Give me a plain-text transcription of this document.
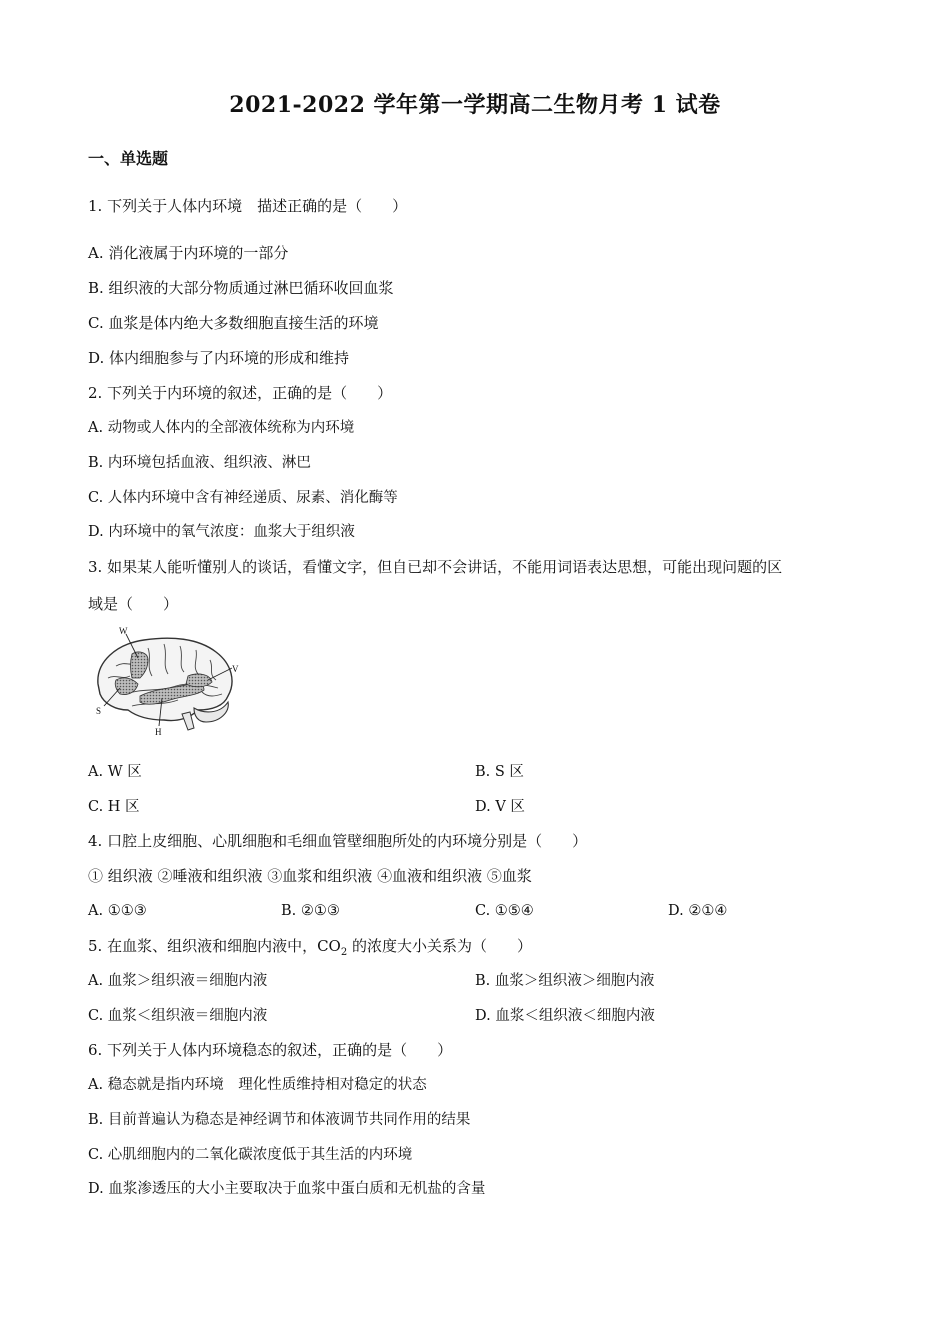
2021-2022 学年第一学期高二生物月考 1 试卷
一、单选题
1. 下列关于人体内环境　描述正确的是（　　）
A. 消化液属于内环境的一部分
B. 组织液的大部分物质通过淋巴循环收回血浆
C. 血浆是体内绝大多数细胞直接生活的环境
D. 体内细胞参与了内环境的形成和维持
2. 下列关于内环境的叙述，正确的是（　　）
A. 动物或人体内的全部液体统称为内环境
B. 内环境包括血液、组织液、淋巴
C. 人体内环境中含有神经递质、尿素、消化酶等
D. 内环境中的氧气浓度：血浆大于组织液
3. 如果某人能听懂别人的谈话，看懂文字，但自已却不会讲话，不能用词语表达思想，可能出现问题的区
域是（　　）
W
V
S
H
A. W 区	B. S 区
C. H 区	D. V 区
4. 口腔上皮细胞、心肌细胞和毛细血管壁细胞所处的内环境分别是（　　）
① 组织液 ②唾液和组织液 ③血浆和组织液 ④血液和组织液 ⑤血浆
A. ①①③	B. ②①③	C. ①⑤④	D. ②①④
5. 在血浆、组织液和细胞内液中，$CO_2$ 的浓度大小关系为（　　）
A. 血浆＞组织液＝细胞内液	B. 血浆＞组织液＞细胞内液
C. 血浆＜组织液＝细胞内液	D. 血浆＜组织液＜细胞内液
6. 下列关于人体内环境稳态的叙述，正确的是（　　）
A. 稳态就是指内环境　理化性质维持相对稳定的状态
B. 目前普遍认为稳态是神经调节和体液调节共同作用的结果
C. 心肌细胞内的二氧化碳浓度低于其生活的内环境
D. 血浆渗透压的大小主要取决于血浆中蛋白质和无机盐的含量
